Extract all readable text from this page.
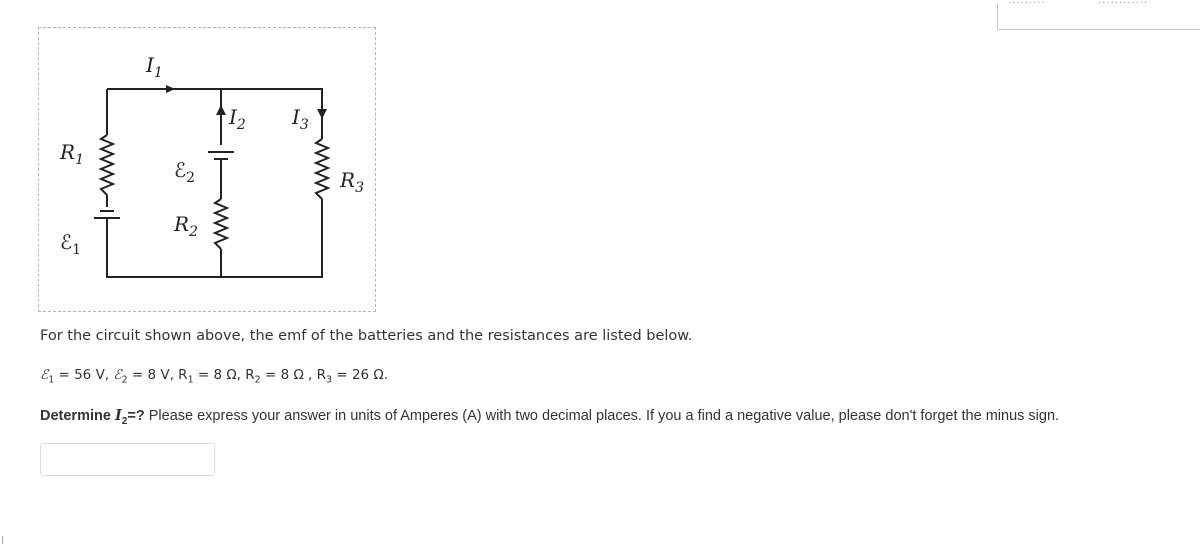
·········	············
$I_1$
$I_2$ $I_3$
$R_1$
$R_2$
$R_3$
ℰ$_1$
ℰ$_2$
For the circuit shown above, the emf of the batteries and the resistances are listed below.
ℰ$_1$ = 56 V, ℰ$_2$ = 8 V, $R_1 = 8$ Ω, $R_2 = 8$ Ω , $R_3 = 26$ Ω.
Determine $I_2=$? Please express your answer in units of Amperes (A) with two decimal places. If you a find a negative value, please don't forget the minus sign.
